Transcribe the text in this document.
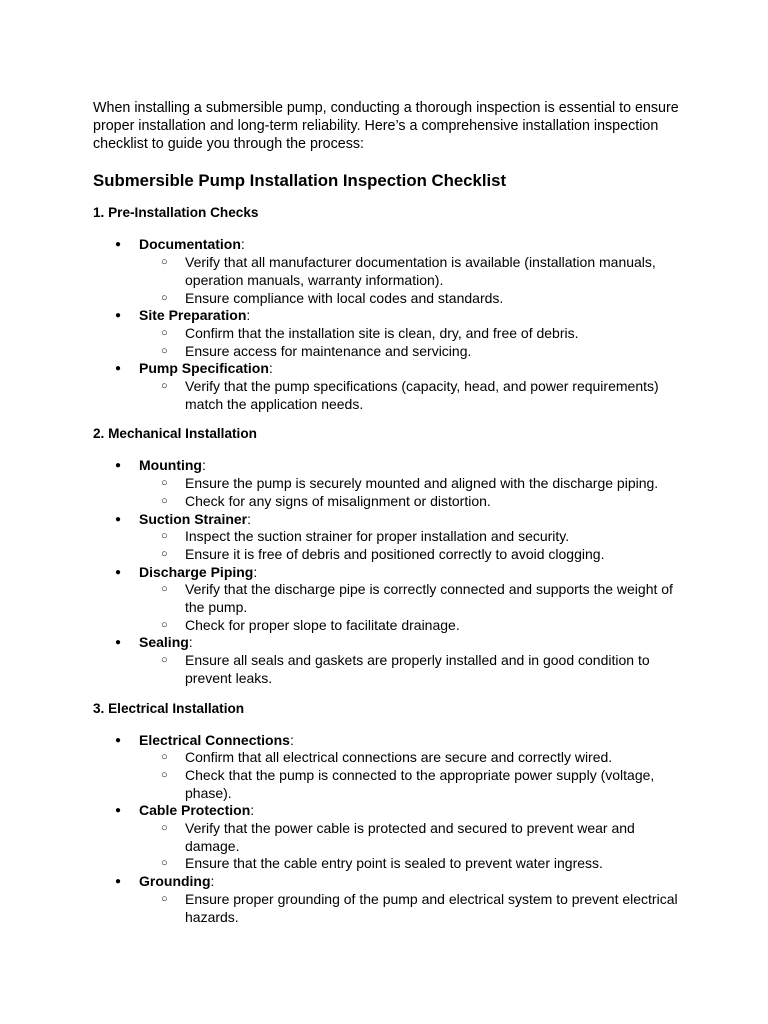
When installing a submersible pump, conducting a thorough inspection is essential to ensure proper installation and long-term reliability. Here’s a comprehensive installation inspection checklist to guide you through the process:

Submersible Pump Installation Inspection Checklist
1. Pre-Installation Checks
● Documentation:
○ Verify that all manufacturer documentation is available (installation manuals, operation manuals, warranty information).
○ Ensure compliance with local codes and standards.
● Site Preparation:
○ Confirm that the installation site is clean, dry, and free of debris.
○ Ensure access for maintenance and servicing.
● Pump Specification:
○ Verify that the pump specifications (capacity, head, and power requirements) match the application needs.
2. Mechanical Installation
● Mounting:
○ Ensure the pump is securely mounted and aligned with the discharge piping.
○ Check for any signs of misalignment or distortion.
● Suction Strainer:
○ Inspect the suction strainer for proper installation and security.
○ Ensure it is free of debris and positioned correctly to avoid clogging.
● Discharge Piping:
○ Verify that the discharge pipe is correctly connected and supports the weight of the pump.
○ Check for proper slope to facilitate drainage.
● Sealing:
○ Ensure all seals and gaskets are properly installed and in good condition to prevent leaks.
3. Electrical Installation
● Electrical Connections:
○ Confirm that all electrical connections are secure and correctly wired.
○ Check that the pump is connected to the appropriate power supply (voltage, phase).
● Cable Protection:
○ Verify that the power cable is protected and secured to prevent wear and damage.
○ Ensure that the cable entry point is sealed to prevent water ingress.
● Grounding:
○ Ensure proper grounding of the pump and electrical system to prevent electrical hazards.
